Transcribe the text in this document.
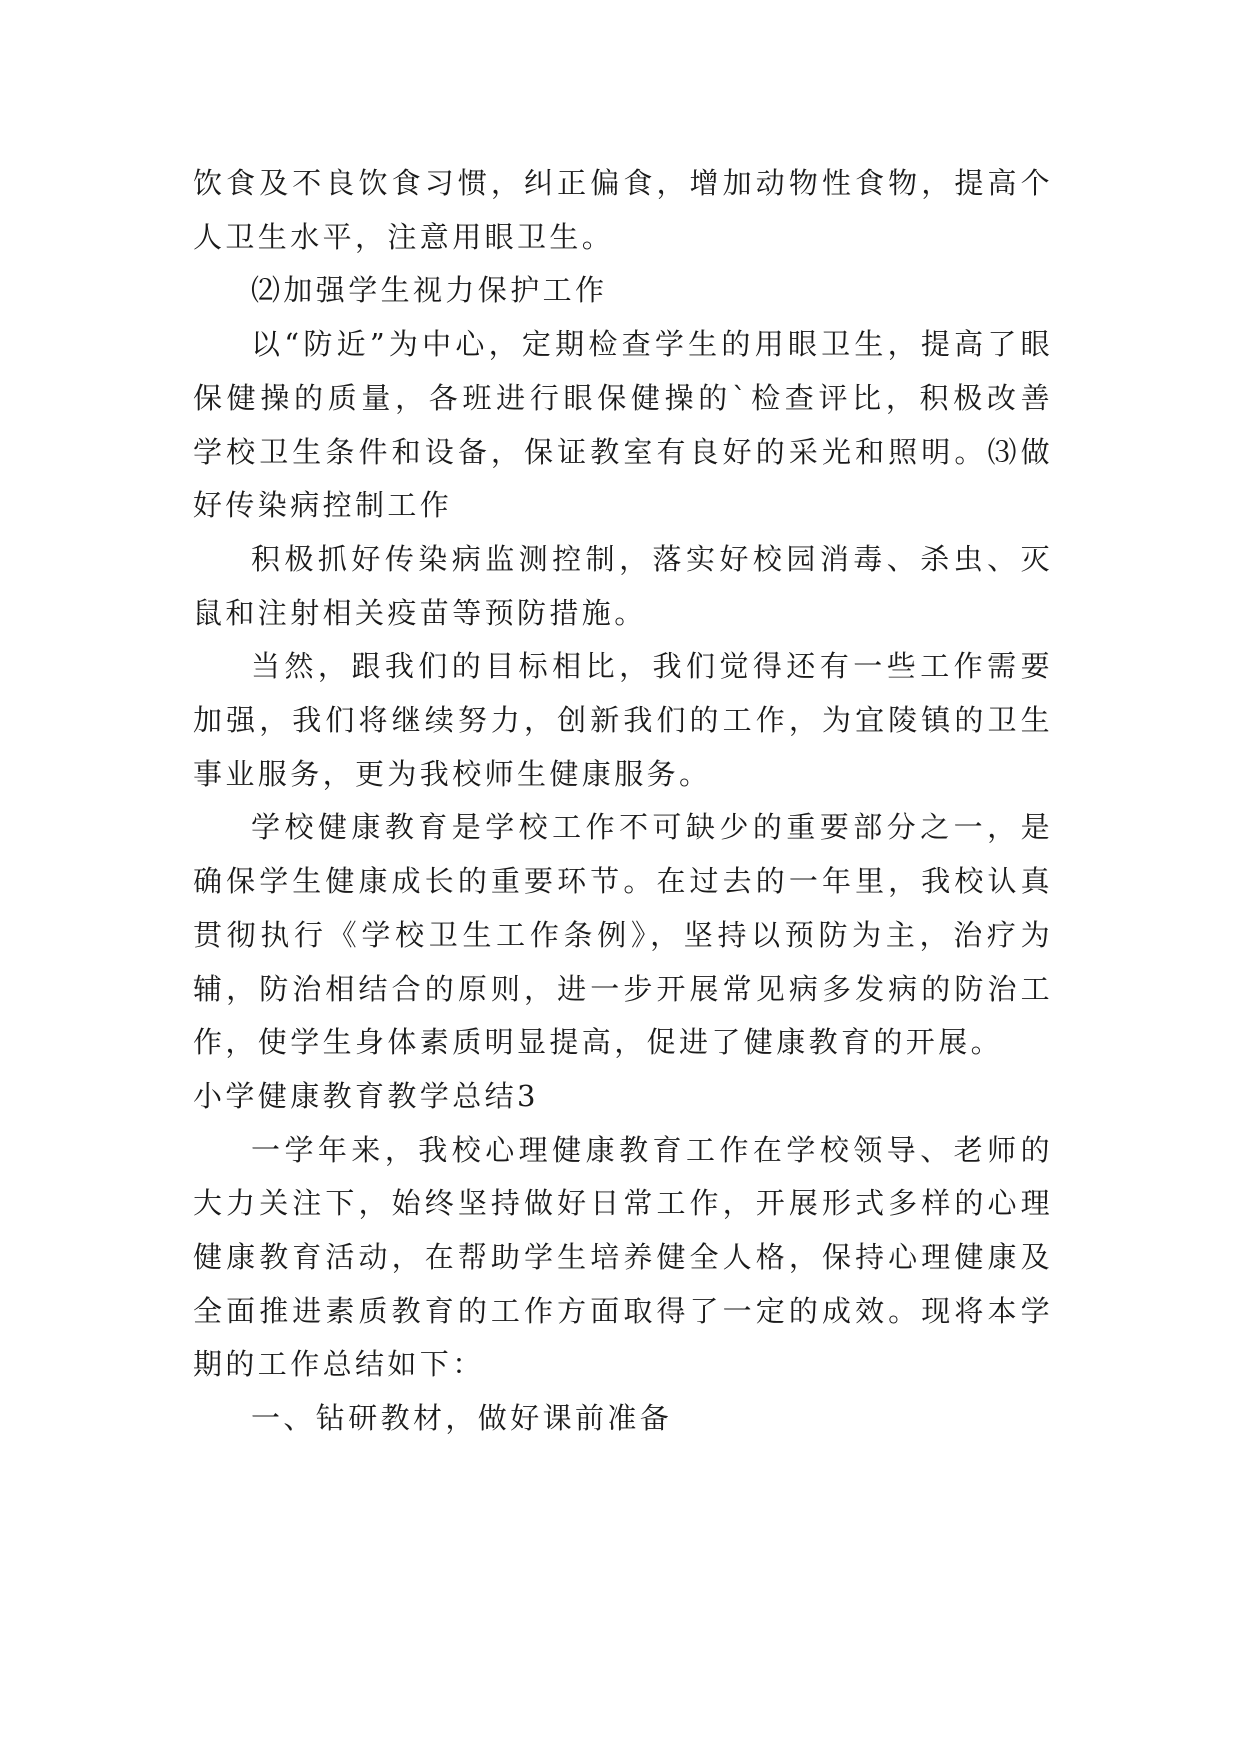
饮食及不良饮食习惯，纠正偏食，增加动物性食物，提高个人卫生水平，注意用眼卫生。

⑵加强学生视力保护工作

以“防近”为中心，定期检查学生的用眼卫生，提高了眼保健操的质量，各班进行眼保健操的`检查评比，积极改善学校卫生条件和设备，保证教室有良好的采光和照明。⑶做好传染病控制工作

积极抓好传染病监测控制，落实好校园消毒、杀虫、灭鼠和注射相关疫苗等预防措施。

当然，跟我们的目标相比，我们觉得还有一些工作需要加强，我们将继续努力，创新我们的工作，为宜陵镇的卫生事业服务，更为我校师生健康服务。

学校健康教育是学校工作不可缺少的重要部分之一，是确保学生健康成长的重要环节。在过去的一年里，我校认真贯彻执行《学校卫生工作条例》，坚持以预防为主，治疗为辅，防治相结合的原则，进一步开展常见病多发病的防治工作，使学生身体素质明显提高，促进了健康教育的开展。

小学健康教育教学总结3

一学年来，我校心理健康教育工作在学校领导、老师的大力关注下，始终坚持做好日常工作，开展形式多样的心理健康教育活动，在帮助学生培养健全人格，保持心理健康及全面推进素质教育的工作方面取得了一定的成效。现将本学期的工作总结如下：

一、钻研教材，做好课前准备
